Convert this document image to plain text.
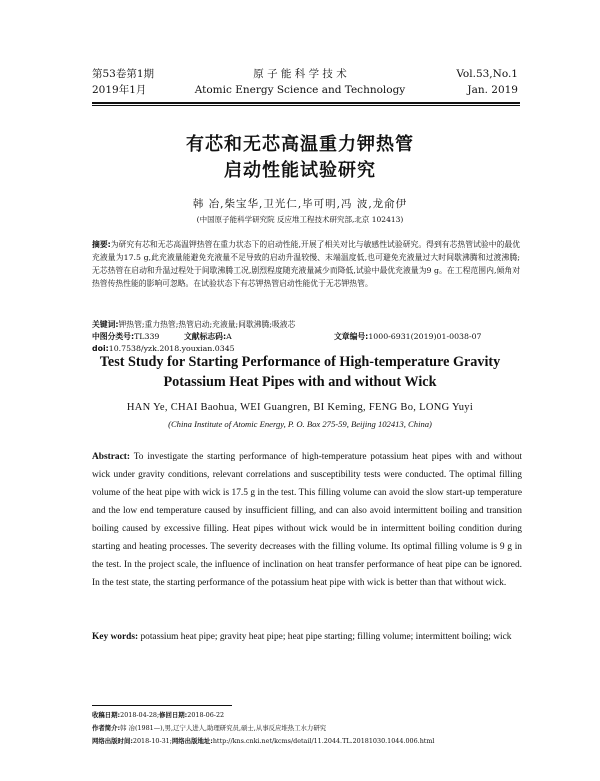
第53卷第1期
2019年1月
原 子 能 科 学 技 术
Atomic Energy Science and Technology
Vol.53,No.1
Jan. 2019
有芯和无芯高温重力钾热管
启动性能试验研究
韩 冶,柴宝华,卫光仁,毕可明,冯 波,龙俞伊
(中国原子能科学研究院 反应堆工程技术研究部,北京 102413)
摘要:为研究有芯和无芯高温钾热管在重力状态下的启动性能,开展了相关对比与敏感性试验研究。得到有芯热管试验中的最优充液量为17.5 g,此充液量能避免充液量不足导致的启动升温较慢、末端温度低,也可避免充液量过大时间歇沸腾和过渡沸腾;无芯热管在启动和升温过程处于间歇沸腾工况,剧烈程度随充液量减少而降低,试验中最优充液量为9 g。在工程范围内,倾角对热管传热性能的影响可忽略。在试验状态下有芯钾热管启动性能优于无芯钾热管。
关键词:钾热管;重力热管;热管启动;充液量;间歇沸腾;吸液芯
中图分类号:TL339	文献标志码:A	文章编号:1000-6931(2019)01-0038-07
doi:10.7538/yzk.2018.youxian.0345
Test Study for Starting Performance of High-temperature Gravity
Potassium Heat Pipes with and without Wick
HAN Ye, CHAI Baohua, WEI Guangren, BI Keming, FENG Bo, LONG Yuyi
(China Institute of Atomic Energy, P. O. Box 275-59, Beijing 102413, China)
Abstract: To investigate the starting performance of high-temperature potassium heat pipes with and without wick under gravity conditions, relevant correlations and susceptibility tests were conducted. The optimal filling volume of the heat pipe with wick is 17.5 g in the test. This filling volume can avoid the slow start-up temperature and the low end temperature caused by insufficient filling, and can also avoid intermittent boiling and transition boiling caused by excessive filling. Heat pipes without wick would be in intermittent boiling condition during starting and heating processes. The severity decreases with the filling volume. Its optimal filling volume is 9 g in the test. In the project scale, the influence of inclination on heat transfer performance of heat pipe can be ignored. In the test state, the starting performance of the potassium heat pipe with wick is better than that without wick.
Key words: potassium heat pipe; gravity heat pipe; heat pipe starting; filling volume; intermittent boiling; wick
收稿日期:2018-04-28;修回日期:2018-06-22
作者简介:韩 冶(1981—),男,辽宁人进人,助理研究员,硕士,从事反应堆热工水力研究
网络出版时间:2018-10-31;网络出版地址:http://kns.cnki.net/kcms/detail/11.2044.TL.20181030.1044.006.html
